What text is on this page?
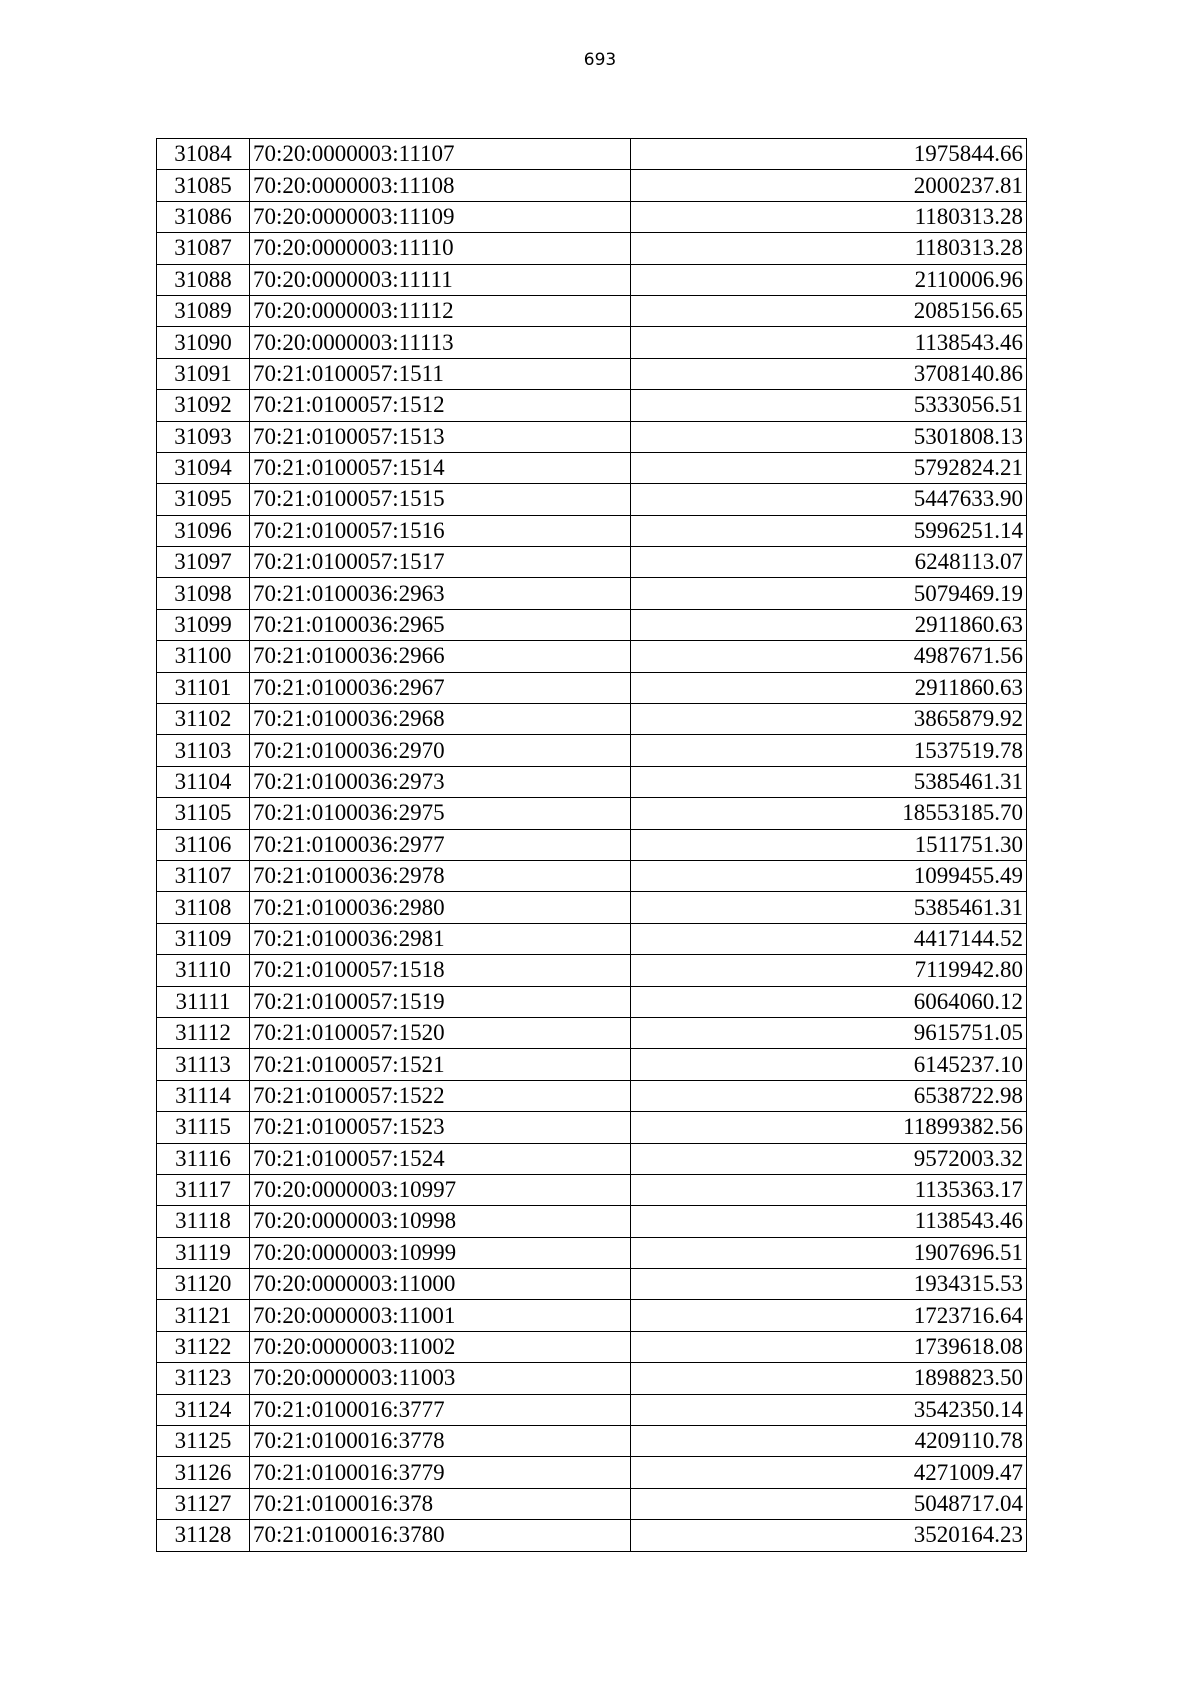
693
31084	70:20:0000003:11107	1975844.66
31085	70:20:0000003:11108	2000237.81
31086	70:20:0000003:11109	1180313.28
31087	70:20:0000003:11110	1180313.28
31088	70:20:0000003:11111	2110006.96
31089	70:20:0000003:11112	2085156.65
31090	70:20:0000003:11113	1138543.46
31091	70:21:0100057:1511	3708140.86
31092	70:21:0100057:1512	5333056.51
31093	70:21:0100057:1513	5301808.13
31094	70:21:0100057:1514	5792824.21
31095	70:21:0100057:1515	5447633.90
31096	70:21:0100057:1516	5996251.14
31097	70:21:0100057:1517	6248113.07
31098	70:21:0100036:2963	5079469.19
31099	70:21:0100036:2965	2911860.63
31100	70:21:0100036:2966	4987671.56
31101	70:21:0100036:2967	2911860.63
31102	70:21:0100036:2968	3865879.92
31103	70:21:0100036:2970	1537519.78
31104	70:21:0100036:2973	5385461.31
31105	70:21:0100036:2975	18553185.70
31106	70:21:0100036:2977	1511751.30
31107	70:21:0100036:2978	1099455.49
31108	70:21:0100036:2980	5385461.31
31109	70:21:0100036:2981	4417144.52
31110	70:21:0100057:1518	7119942.80
31111	70:21:0100057:1519	6064060.12
31112	70:21:0100057:1520	9615751.05
31113	70:21:0100057:1521	6145237.10
31114	70:21:0100057:1522	6538722.98
31115	70:21:0100057:1523	11899382.56
31116	70:21:0100057:1524	9572003.32
31117	70:20:0000003:10997	1135363.17
31118	70:20:0000003:10998	1138543.46
31119	70:20:0000003:10999	1907696.51
31120	70:20:0000003:11000	1934315.53
31121	70:20:0000003:11001	1723716.64
31122	70:20:0000003:11002	1739618.08
31123	70:20:0000003:11003	1898823.50
31124	70:21:0100016:3777	3542350.14
31125	70:21:0100016:3778	4209110.78
31126	70:21:0100016:3779	4271009.47
31127	70:21:0100016:378	5048717.04
31128	70:21:0100016:3780	3520164.23
